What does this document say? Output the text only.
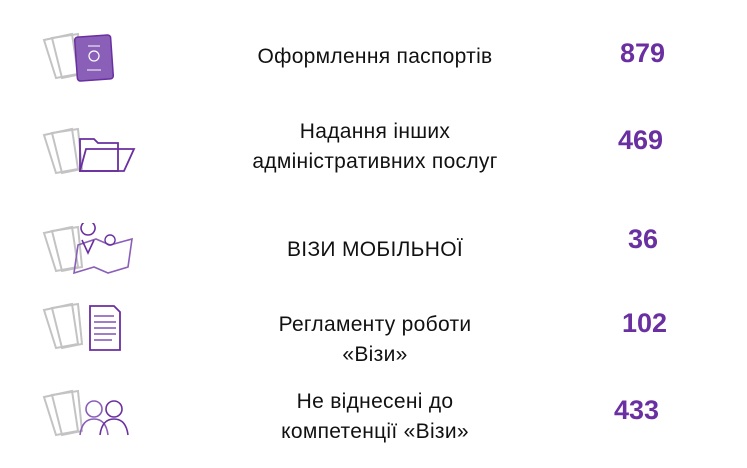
Оформлення паспортів	879
Надання інших
адміністративних послуг
469
ВІЗИ МОБІЛЬНОЇ	36
Регламенту роботи
«Візи»
102
Не віднесені до
компетенції «Візи»
433
